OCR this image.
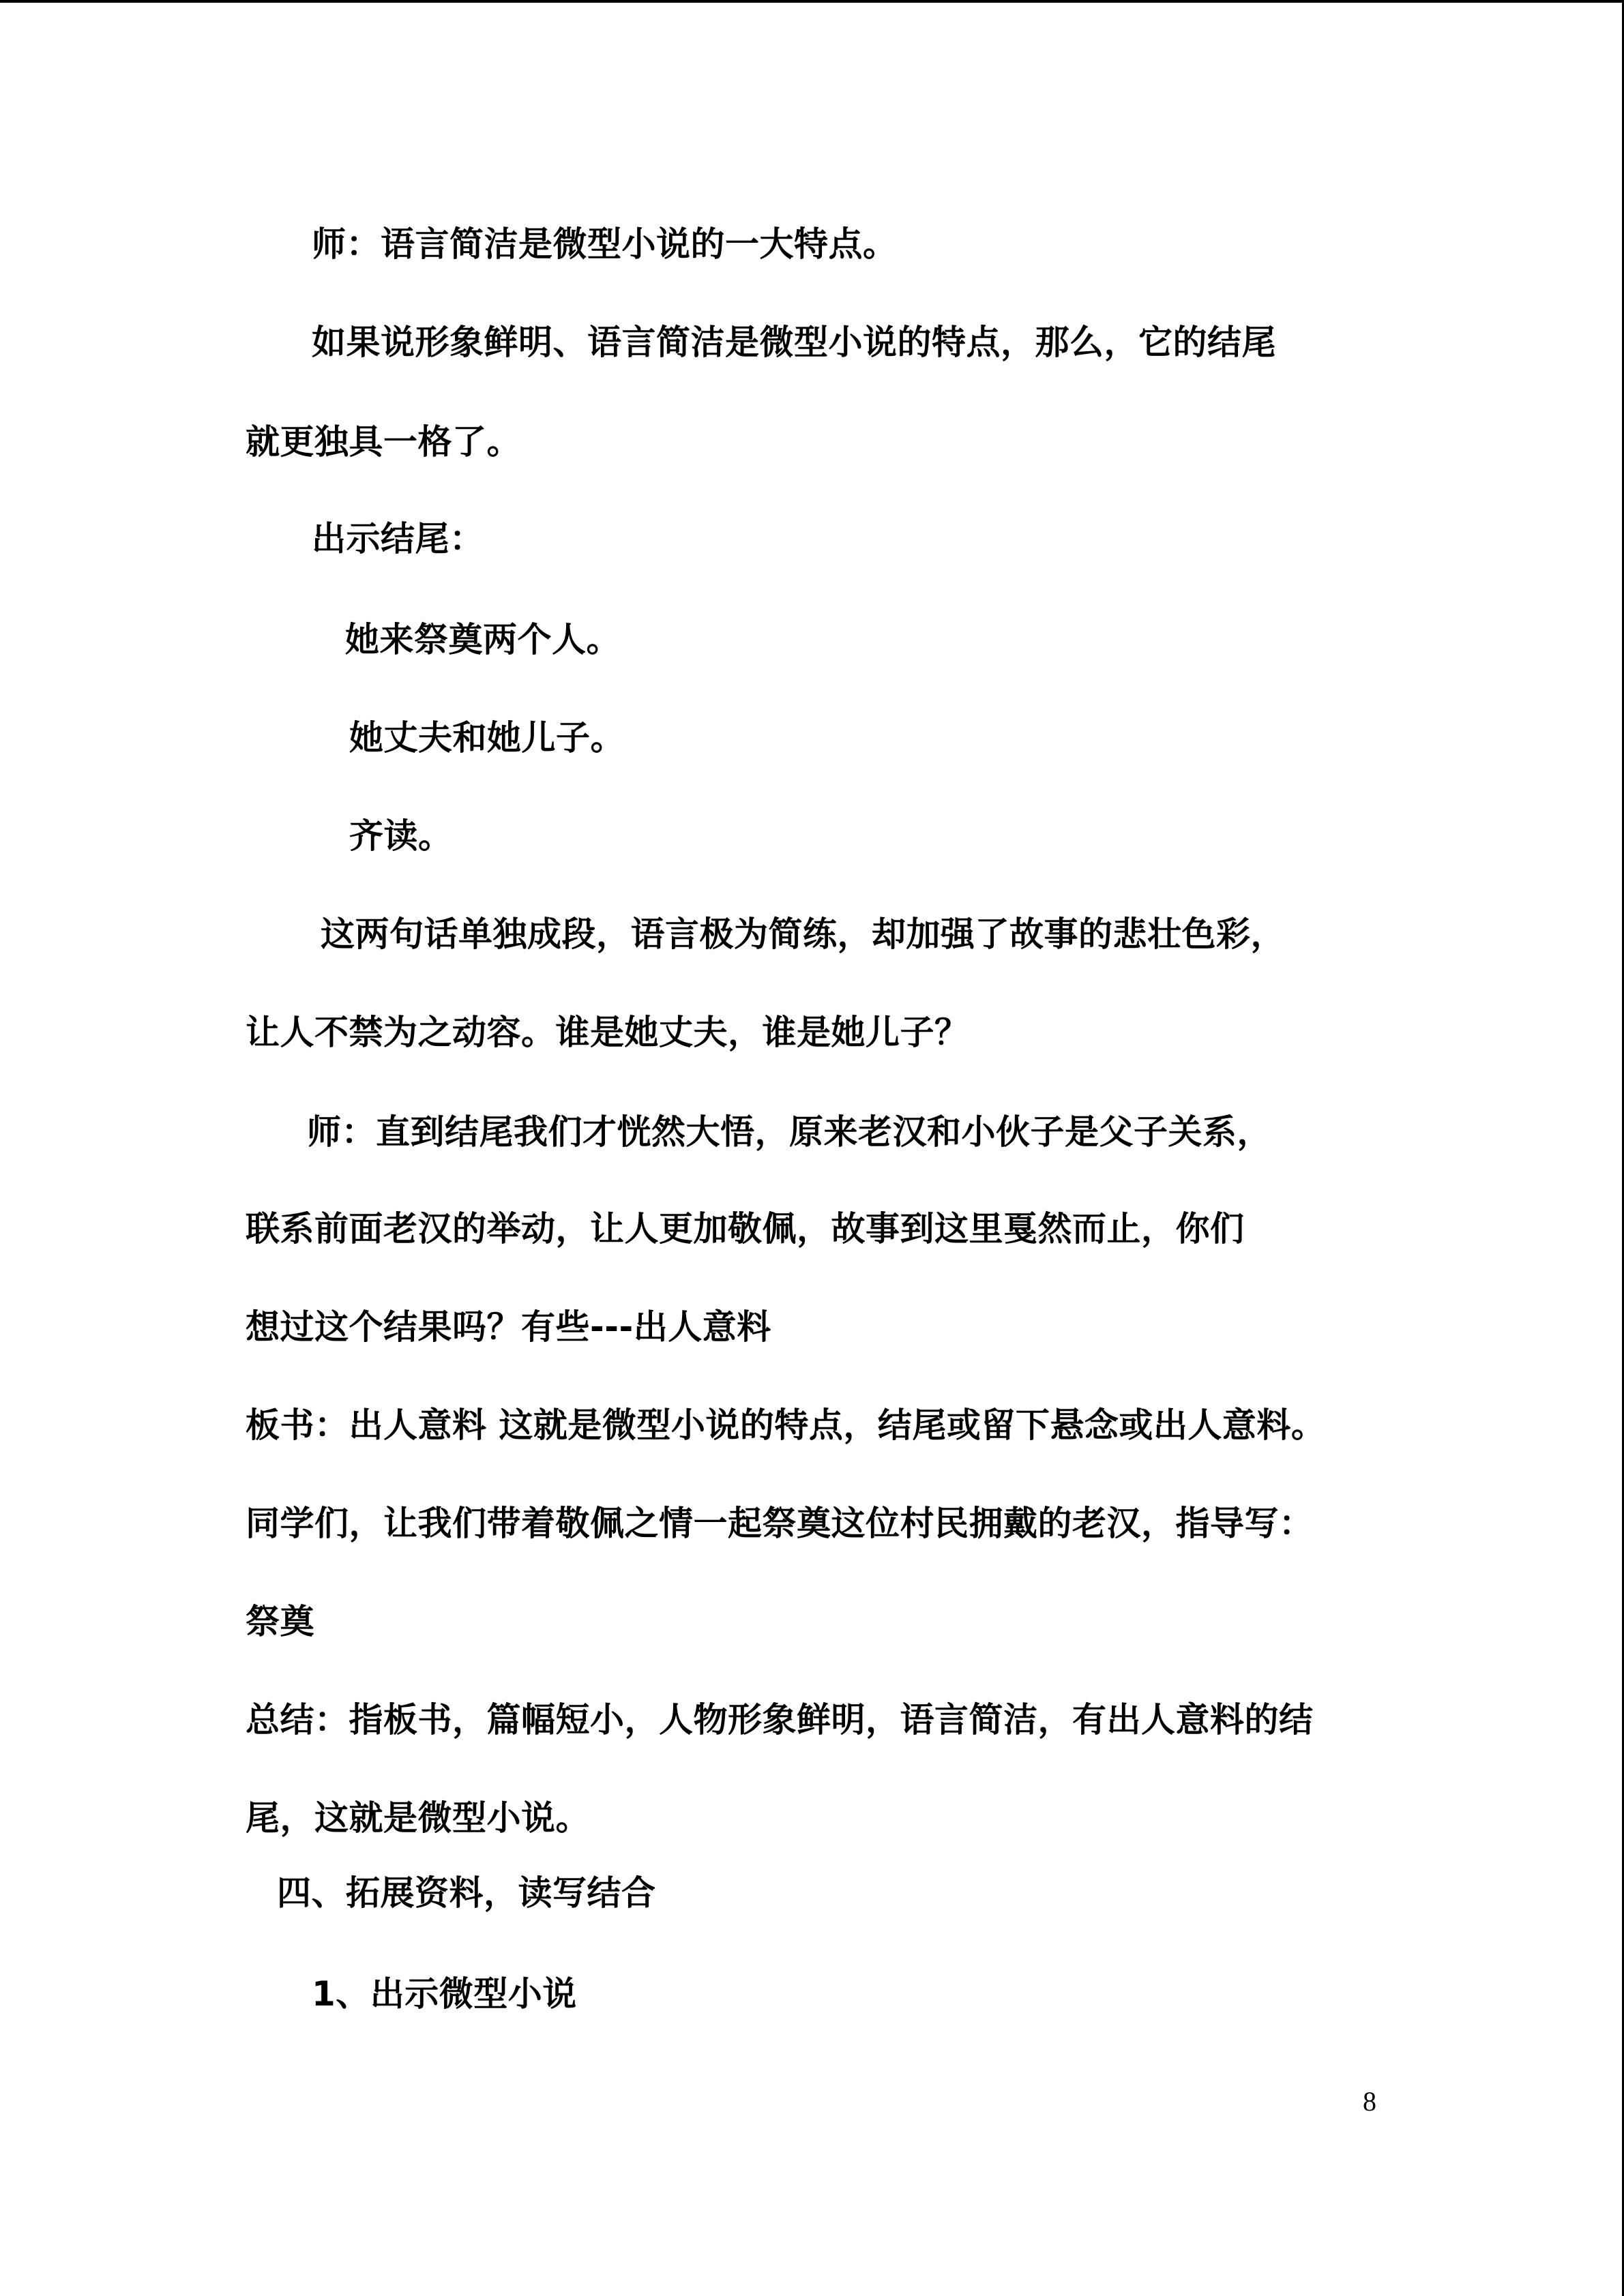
师：语言简洁是微型小说的一大特点。
如果说形象鲜明、语言简洁是微型小说的特点，那么，它的结尾
就更独具一格了。
出示结尾：
她来祭奠两个人。
她丈夫和她儿子。
齐读。
这两句话单独成段，语言极为简练，却加强了故事的悲壮色彩，
让人不禁为之动容。谁是她丈夫，谁是她儿子？
师：直到结尾我们才恍然大悟，原来老汉和小伙子是父子关系，
联系前面老汉的举动，让人更加敬佩，故事到这里戛然而止，你们
想过这个结果吗？有些---出人意料
板书：出人意料 这就是微型小说的特点，结尾或留下悬念或出人意料。
同学们，让我们带着敬佩之情一起祭奠这位村民拥戴的老汉，指导写：
祭奠
总结：指板书，篇幅短小，人物形象鲜明，语言简洁，有出人意料的结
尾，这就是微型小说。
四、拓展资料，读写结合
1、出示微型小说
8
